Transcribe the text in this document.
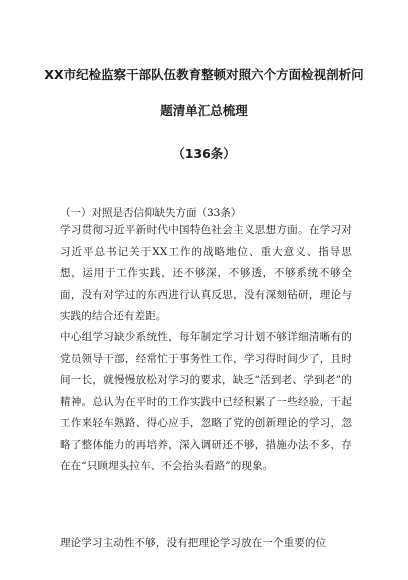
XX市纪检监察干部队伍教育整顿对照六个方面检视剖析问
题清单汇总梳理
（136条）
（一）对照是否信仰缺失方面（33条）

学习贯彻习近平新时代中国特色社会主义思想方面。在学习对习近平总书记关于XX工作的战略地位、重大意义、指导思想，运用于工作实践，还不够深，不够透，不够系统不够全面，没有对学过的东西进行认真反思，没有深刻钻研，理论与实践的结合还有差距。

中心组学习缺少系统性，每年制定学习计划不够详细清晰有的党员领导干部，经常忙于事务性工作，学习得时间少了，且时间一长，就慢慢放松对学习的要求，缺乏“活到老、学到老”的精神。总认为在平时的工作实践中已经积累了一些经验，干起工作来轻车熟路、得心应手，忽略了党的创新理论的学习，忽略了整体能力的再培养，深入调研还不够，措施办法不多，存在在“只顾埋头拉车、不会抬头看路”的现象。

理论学习主动性不够，没有把理论学习放在一个重要的位
